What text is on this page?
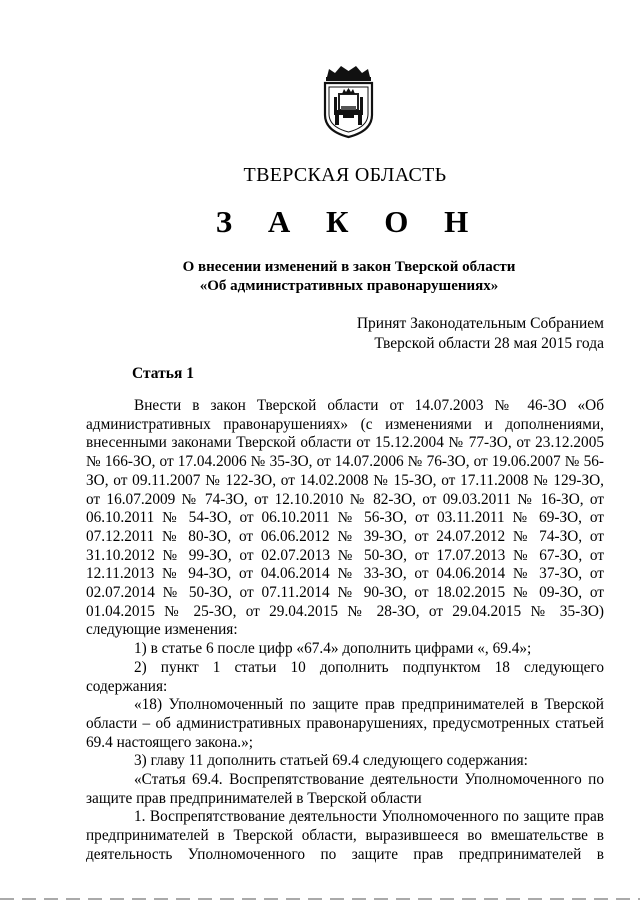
ТВЕРСКАЯ ОБЛАСТЬ
З А К О Н
О внесении изменений в закон Тверской области
«Об административных правонарушениях»
Принят Законодательным Собранием
Тверской области 28 мая 2015 года
Статья 1

Внести в закон Тверской области от 14.07.2003 № 46-ЗО «Об административных правонарушениях» (с изменениями и дополнениями, внесенными законами Тверской области от 15.12.2004 № 77-ЗО, от 23.12.2005 № 166-ЗО, от 17.04.2006 № 35-ЗО, от 14.07.2006 № 76-ЗО, от 19.06.2007 № 56-ЗО, от 09.11.2007 № 122-ЗО, от 14.02.2008 № 15-ЗО, от 17.11.2008 № 129-ЗО, от 16.07.2009 № 74-ЗО, от 12.10.2010 № 82-ЗО, от 09.03.2011 № 16-ЗО, от 06.10.2011 № 54-ЗО, от 06.10.2011 № 56-ЗО, от 03.11.2011 № 69-ЗО, от 07.12.2011 № 80-ЗО, от 06.06.2012 № 39-ЗО, от 24.07.2012 № 74-ЗО, от 31.10.2012 № 99-ЗО, от 02.07.2013 № 50-ЗО, от 17.07.2013 № 67-ЗО, от 12.11.2013 № 94-ЗО, от 04.06.2014 № 33-ЗО, от 04.06.2014 № 37-ЗО, от 02.07.2014 № 50-ЗО, от 07.11.2014 № 90-ЗО, от 18.02.2015 № 09-ЗО, от 01.04.2015 № 25-ЗО, от 29.04.2015 № 28-ЗО, от 29.04.2015 № 35-ЗО) следующие изменения:

1) в статье 6 после цифр «67.4» дополнить цифрами «, 69.4»;

2) пункт 1 статьи 10 дополнить подпунктом 18 следующего содержания:

«18) Уполномоченный по защите прав предпринимателей в Тверской области – об административных правонарушениях, предусмотренных статьей 69.4 настоящего закона.»;

3) главу 11 дополнить статьей 69.4 следующего содержания:

«Статья 69.4. Воспрепятствование деятельности Уполномоченного по защите прав предпринимателей в Тверской области

1. Воспрепятствование деятельности Уполномоченного по защите прав предпринимателей в Тверской области, выразившееся во вмешательстве в деятельность Уполномоченного по защите прав предпринимателей в
